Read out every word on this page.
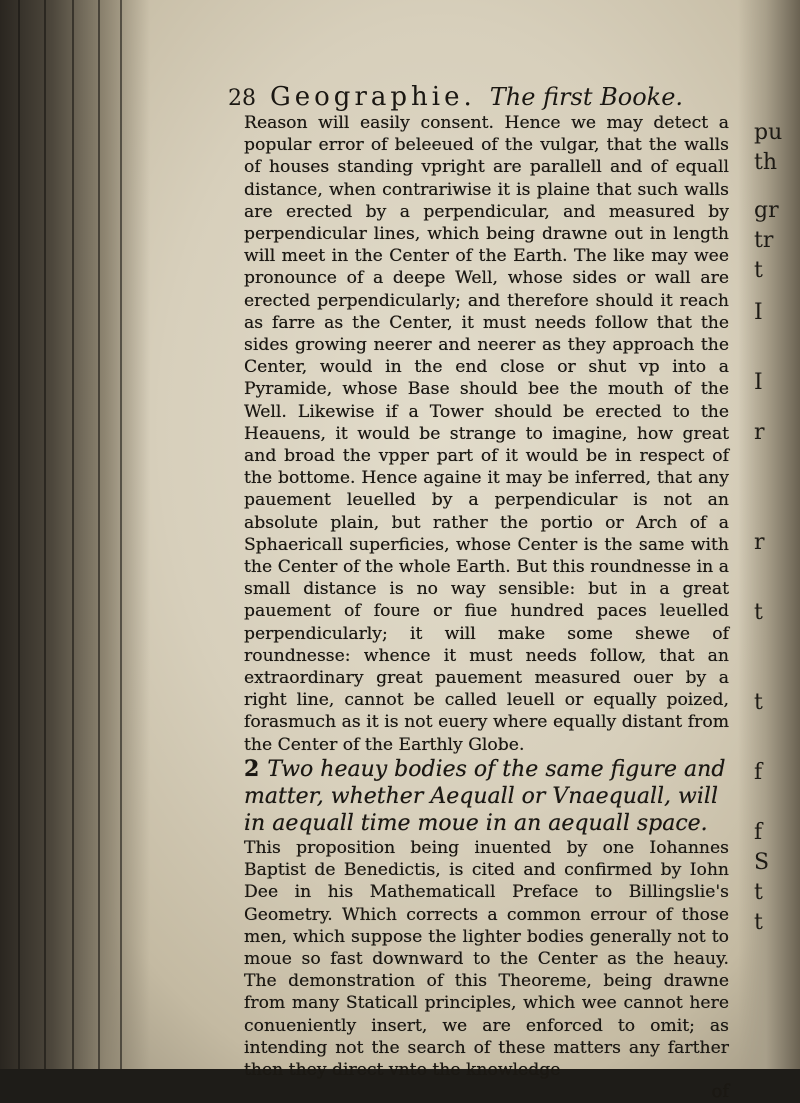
pu
th
gr
tr
t
I
I
r
r
t
t
f
f
S
t
t
28 Geographie. The first Booke.

Reason will easily consent. Hence we may detect a popular error of beleeued of the vulgar, that the walls of houses standing vpright are parallell and of equall distance, when contrariwise it is plaine that such walls are erected by a perpendicular, and measured by perpendicular lines, which being drawne out in length will meet in the Center of the Earth. The like may wee pronounce of a deepe Well, whose sides or wall are erected perpendicularly; and therefore should it reach as farre as the Center, it must needs follow that the sides growing neerer and neerer as they approach the Center, would in the end close or shut vp into a Pyramide, whose Base should bee the mouth of the Well. Likewise if a Tower should be erected to the Heauens, it would be strange to imagine, how great and broad the vpper part of it would be in respect of the bottome. Hence againe it may be inferred, that any pauement leuelled by a perpendicular is not an absolute plain, but rather the portio or Arch of a Sphaericall superficies, whose Center is the same with the Center of the whole Earth. But this roundnesse in a small distance is no way sensible: but in a great pauement of foure or fiue hundred paces leuelled perpendicularly; it will make some shewe of roundnesse: whence it must needs follow, that an extraordinary great pauement measured ouer by a right line, cannot be called leuell or equally poized, forasmuch as it is not euery where equally distant from the Center of the Earthly Globe.

2 Two heauy bodies of the same figure and matter, whether Aequall or Vnaequall, will in aequall time moue in an aequall space.

This proposition being inuented by one Iohannes Baptist de Benedictis, is cited and confirmed by Iohn Dee in his Mathematicall Preface to Billingslie's Geometry. Which corrects a common errour of those men, which suppose the lighter bodies generally not to moue so fast downward to the Center as the heauy. The demonstration of this Theoreme, being drawne from many Staticall principles, which wee cannot here conueniently insert, we are enforced to omit; as intending not the search of these matters any farther then they direct vnto the knowledge

of
